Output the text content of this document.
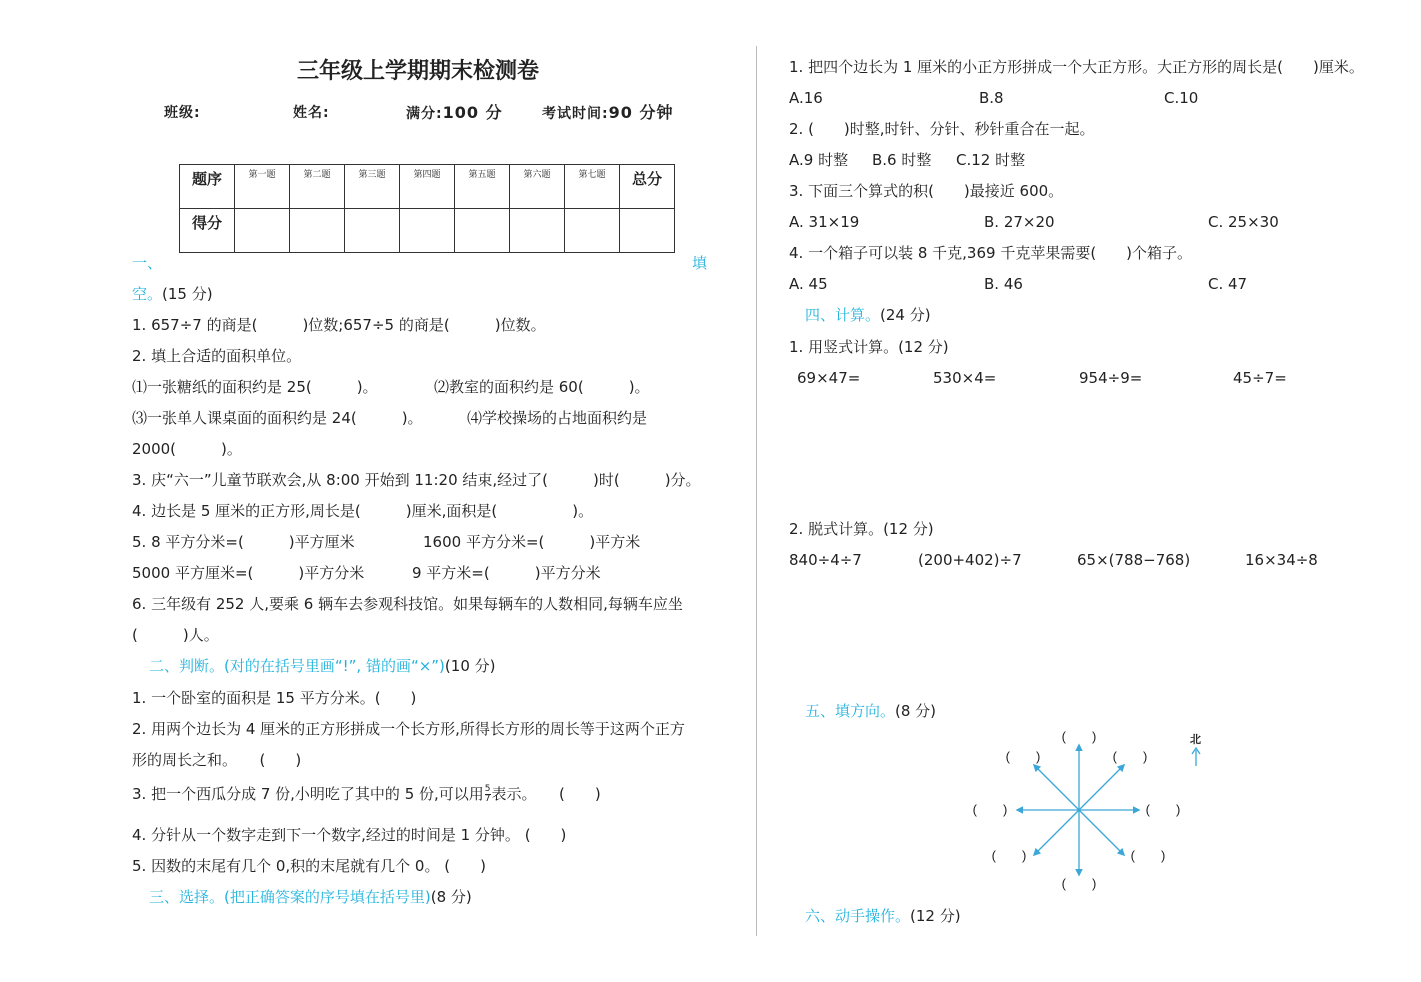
三年级上学期期末检测卷
班级:	姓名:	满分:100 分	考试时间:90 分钟
题序	第一题	第二题	第三题	第四题	第五题	第六题	第七题	总分
得分								
一、	填
空。(15 分)
1. 657÷7 的商是(　　　)位数;657÷5 的商是(　　　)位数。
2. 填上合适的面积单位。
⑴一张糖纸的面积约是 25(　　　)。	⑵教室的面积约是 60(　　　)。
⑶一张单人课桌面的面积约是 24(　　　)。	⑷学校操场的占地面积约是
2000(　　　)。
3. 庆“六一”儿童节联欢会,从 8:00 开始到 11:20 结束,经过了(　　　)时(　　　)分。
4. 边长是 5 厘米的正方形,周长是(　　　)厘米,面积是(　　　　　)。
5. 8 平方分米=(　　　)平方厘米	1600 平方分米=(　　　)平方米
5000 平方厘米=(　　　)平方分米	9 平方米=(　　　)平方分米
6. 三年级有 252 人,要乘 6 辆车去参观科技馆。如果每辆车的人数相同,每辆车应坐
(　　　)人。
二、判断。(对的在括号里画“!”, 错的画“×”)(10 分)
1. 一个卧室的面积是 15 平方分米。(　　)
2. 用两个边长为 4 厘米的正方形拼成一个长方形,所得长方形的周长等于这两个正方
形的周长之和。　　(　　)
3. 把一个西瓜分成 7 份,小明吃了其中的 5 份,可以用 $\frac{5}{7}$ 表示。　　(　　)
4. 分针从一个数字走到下一个数字,经过的时间是 1 分钟。 (　　)
5. 因数的末尾有几个 0,积的末尾就有几个 0。 (　　)
三、选择。(把正确答案的序号填在括号里)(8 分)
1. 把四个边长为 1 厘米的小正方形拼成一个大正方形。大正方形的周长是(　　)厘米。
A.16	B.8	C.10
2. (　　)时整,时针、分针、秒针重合在一起。
A.9 时整 B.6 时整 C.12 时整
3. 下面三个算式的积(　　)最接近 600。
A. 31×19	B. 27×20	C. 25×30
4. 一个箱子可以装 8 千克,369 千克苹果需要(　　)个箱子。
A. 45	B. 46	C. 47
四、计算。(24 分)
1. 用竖式计算。(12 分)
69×47=	530×4=	954÷9=	45÷7=
2. 脱式计算。(12 分)
840÷4÷7	(200+402)÷7	65×(788−768)	16×34÷8
五、填方向。(8 分)
(　　)
(　　)	(　　)
(　　)	(　　)
(　　)	(　　)
(　　)
北
六、动手操作。(12 分)
